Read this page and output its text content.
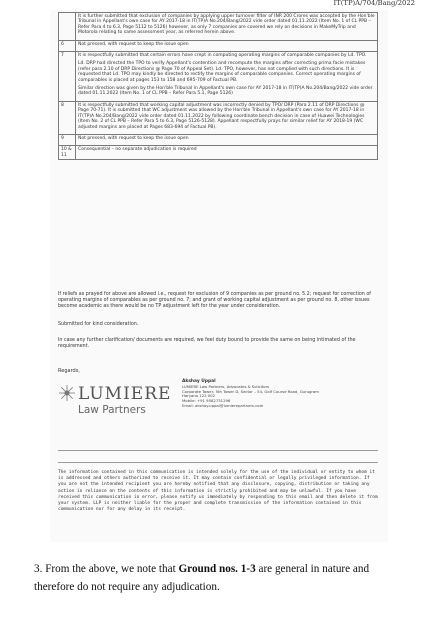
IT(TP)A/704/Bang/2022

	It is further submitted that exclusion of companies by applying upper turnover filter of INR 200 Crores was accepted by the Hon'ble Tribunal in Appellant's own case for AY 2017-18 in IT(TP)A No.204/Bang/2022 vide order dated 01.11.2022 (Item No. 1 of CL PPB – Refer Para 4 to 6.3, Page 5112 to 5126) however, as only 7 companies are covered we rely on decisions in MakeMyTrip and Motorola relating to same assessment year, as referred herein above.

6	Not pressed, with request to keep the issue open

7	It is respectfully submitted that certain errors have crept in computing operating margins of comparable companies by Ld. TPO.

Ld. DRP had directed the TPO to verify Appellant's contention and recompute the margins after correcting prima facie mistakes (refer para 2.10 of DRP Directions @ Page 70 of Appeal Set). Ld. TPO, however, has not complied with such directions. It is requested that Ld. TPO may kindly be directed to rectify the margins of comparable companies. Correct operating margins of comparables is placed at pages 153 to 158 and 695-709 of Factual PB.

Similar direction was given by the Hon'ble Tribunal in Appellant's own case for AY 2017-18 in IT(TP)A No.204/Bang/2022 vide order dated 01.11.2022 (Item No. 1 of CL PPB – Refer Para 5.1, Page 5126)

8	It is respectfully submitted that working capital adjustment was incorrectly denied by TPO/ DRP (Para 2.11 of DRP Directions @ Page 70-71). It is submitted that WC adjustment was allowed by the Hon'ble Tribunal in Appellant's own case for AY 2017-18 in IT(TP)A No.204/Bang/2022 vide order dated 01.11.2022 by following coordinate bench decision in case of Huawei Technologies (Item No. 2 of CL PPB – Refer Para 5 to 6.3, Page 5126-5128). Appellant respectfully prays for similar relief for AY 2018-19 (WC adjusted margins are placed at Pages 683-694 of Factual PB).

9	Not pressed, with request to keep the issue open

10 & 11	Consequential – no separate adjudication is required

If reliefs as prayed for above are allowed i.e., request for exclusion of 9 companies as per ground no. 5.2; request for correction of operating margins of comparables as per ground no. 7; and grant of working capital adjustment as per ground no. 8, other issues become academic as there would be no TP adjustment left for the year under consideration.
Submitted for kind consideration.
In case any further clarification/ documents are required, we feel duty bound to provide the same on being intimated of the requirement.
Regards,
LUMIERE
Law Partners
Akshay Uppal
LUMIERE Law Partners, Advocates & Solicitors
Corporate Tower, 5th Tower D, Sector – 54, Golf Course Road, Gurugram
Haryana 122 002
Mobile: +91 9582731296
Email: akshay.uppal@lumierepartners.com
The information contained in this communication is intended solely for the use of the individual or entity to whom it is addressed and others authorized to receive it. It may contain confidential or legally privileged information. If you are not the intended recipient you are hereby notified that any disclosure, copying, distribution or taking any action in reliance on the contents of this information is strictly prohibited and may be unlawful. If you have received this communication in error, please notify us immediately by responding to this email and then delete it from your system. LLP is neither liable for the proper and complete transmission of the information contained in this communication nor for any delay in its receipt.
3. From the above, we note that Ground nos. 1-3 are general in nature and therefore do not require any adjudication.
